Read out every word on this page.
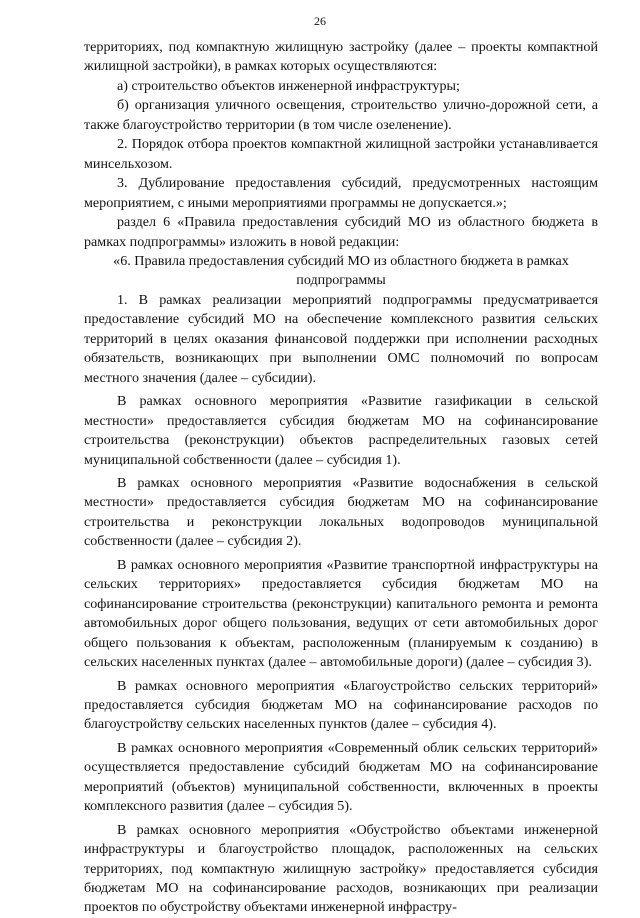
26

территориях, под компактную жилищную застройку (далее – проекты компактной жилищной застройки), в рамках которых осуществляются:

а) строительство объектов инженерной инфраструктуры;

б) организация уличного освещения, строительство улично-дорожной сети, а также благоустройство территории (в том числе озеленение).

2. Порядок отбора проектов компактной жилищной застройки устанавливается минсельхозом.

3. Дублирование предоставления субсидий, предусмотренных настоящим мероприятием, с иными мероприятиями программы не допускается.»;

раздел 6 «Правила предоставления субсидий МО из областного бюджета в рамках подпрограммы» изложить в новой редакции:

«6. Правила предоставления субсидий МО из областного бюджета в рамках подпрограммы

1. В рамках реализации мероприятий подпрограммы предусматривается предоставление субсидий МО на обеспечение комплексного развития сельских территорий в целях оказания финансовой поддержки при исполнении расходных обязательств, возникающих при выполнении ОМС полномочий по вопросам местного значения (далее – субсидии).

В рамках основного мероприятия «Развитие газификации в сельской местности» предоставляется субсидия бюджетам МО на софинансирование строительства (реконструкции) объектов распределительных газовых сетей муниципальной собственности (далее – субсидия 1).

В рамках основного мероприятия «Развитие водоснабжения в сельской местности» предоставляется субсидия бюджетам МО на софинансирование строительства и реконструкции локальных водопроводов муниципальной собственности (далее – субсидия 2).

В рамках основного мероприятия «Развитие транспортной инфраструктуры на сельских территориях» предоставляется субсидия бюджетам МО на софинансирование строительства (реконструкции) капитального ремонта и ремонта автомобильных дорог общего пользования, ведущих от сети автомобильных дорог общего пользования к объектам, расположенным (планируемым к созданию) в сельских населенных пунктах (далее – автомобильные дороги) (далее – субсидия 3).

В рамках основного мероприятия «Благоустройство сельских территорий» предоставляется субсидия бюджетам МО на софинансирование расходов по благоустройству сельских населенных пунктов (далее – субсидия 4).

В рамках основного мероприятия «Современный облик сельских территорий» осуществляется предоставление субсидий бюджетам МО на софинансирование мероприятий (объектов) муниципальной собственности, включенных в проекты комплексного развития (далее – субсидия 5).

В рамках основного мероприятия «Обустройство объектами инженерной инфраструктуры и благоустройство площадок, расположенных на сельских территориях, под компактную жилищную застройку» предоставляется субсидия бюджетам МО на софинансирование расходов, возникающих при реализации проектов по обустройству объектами инженерной инфрастру-
